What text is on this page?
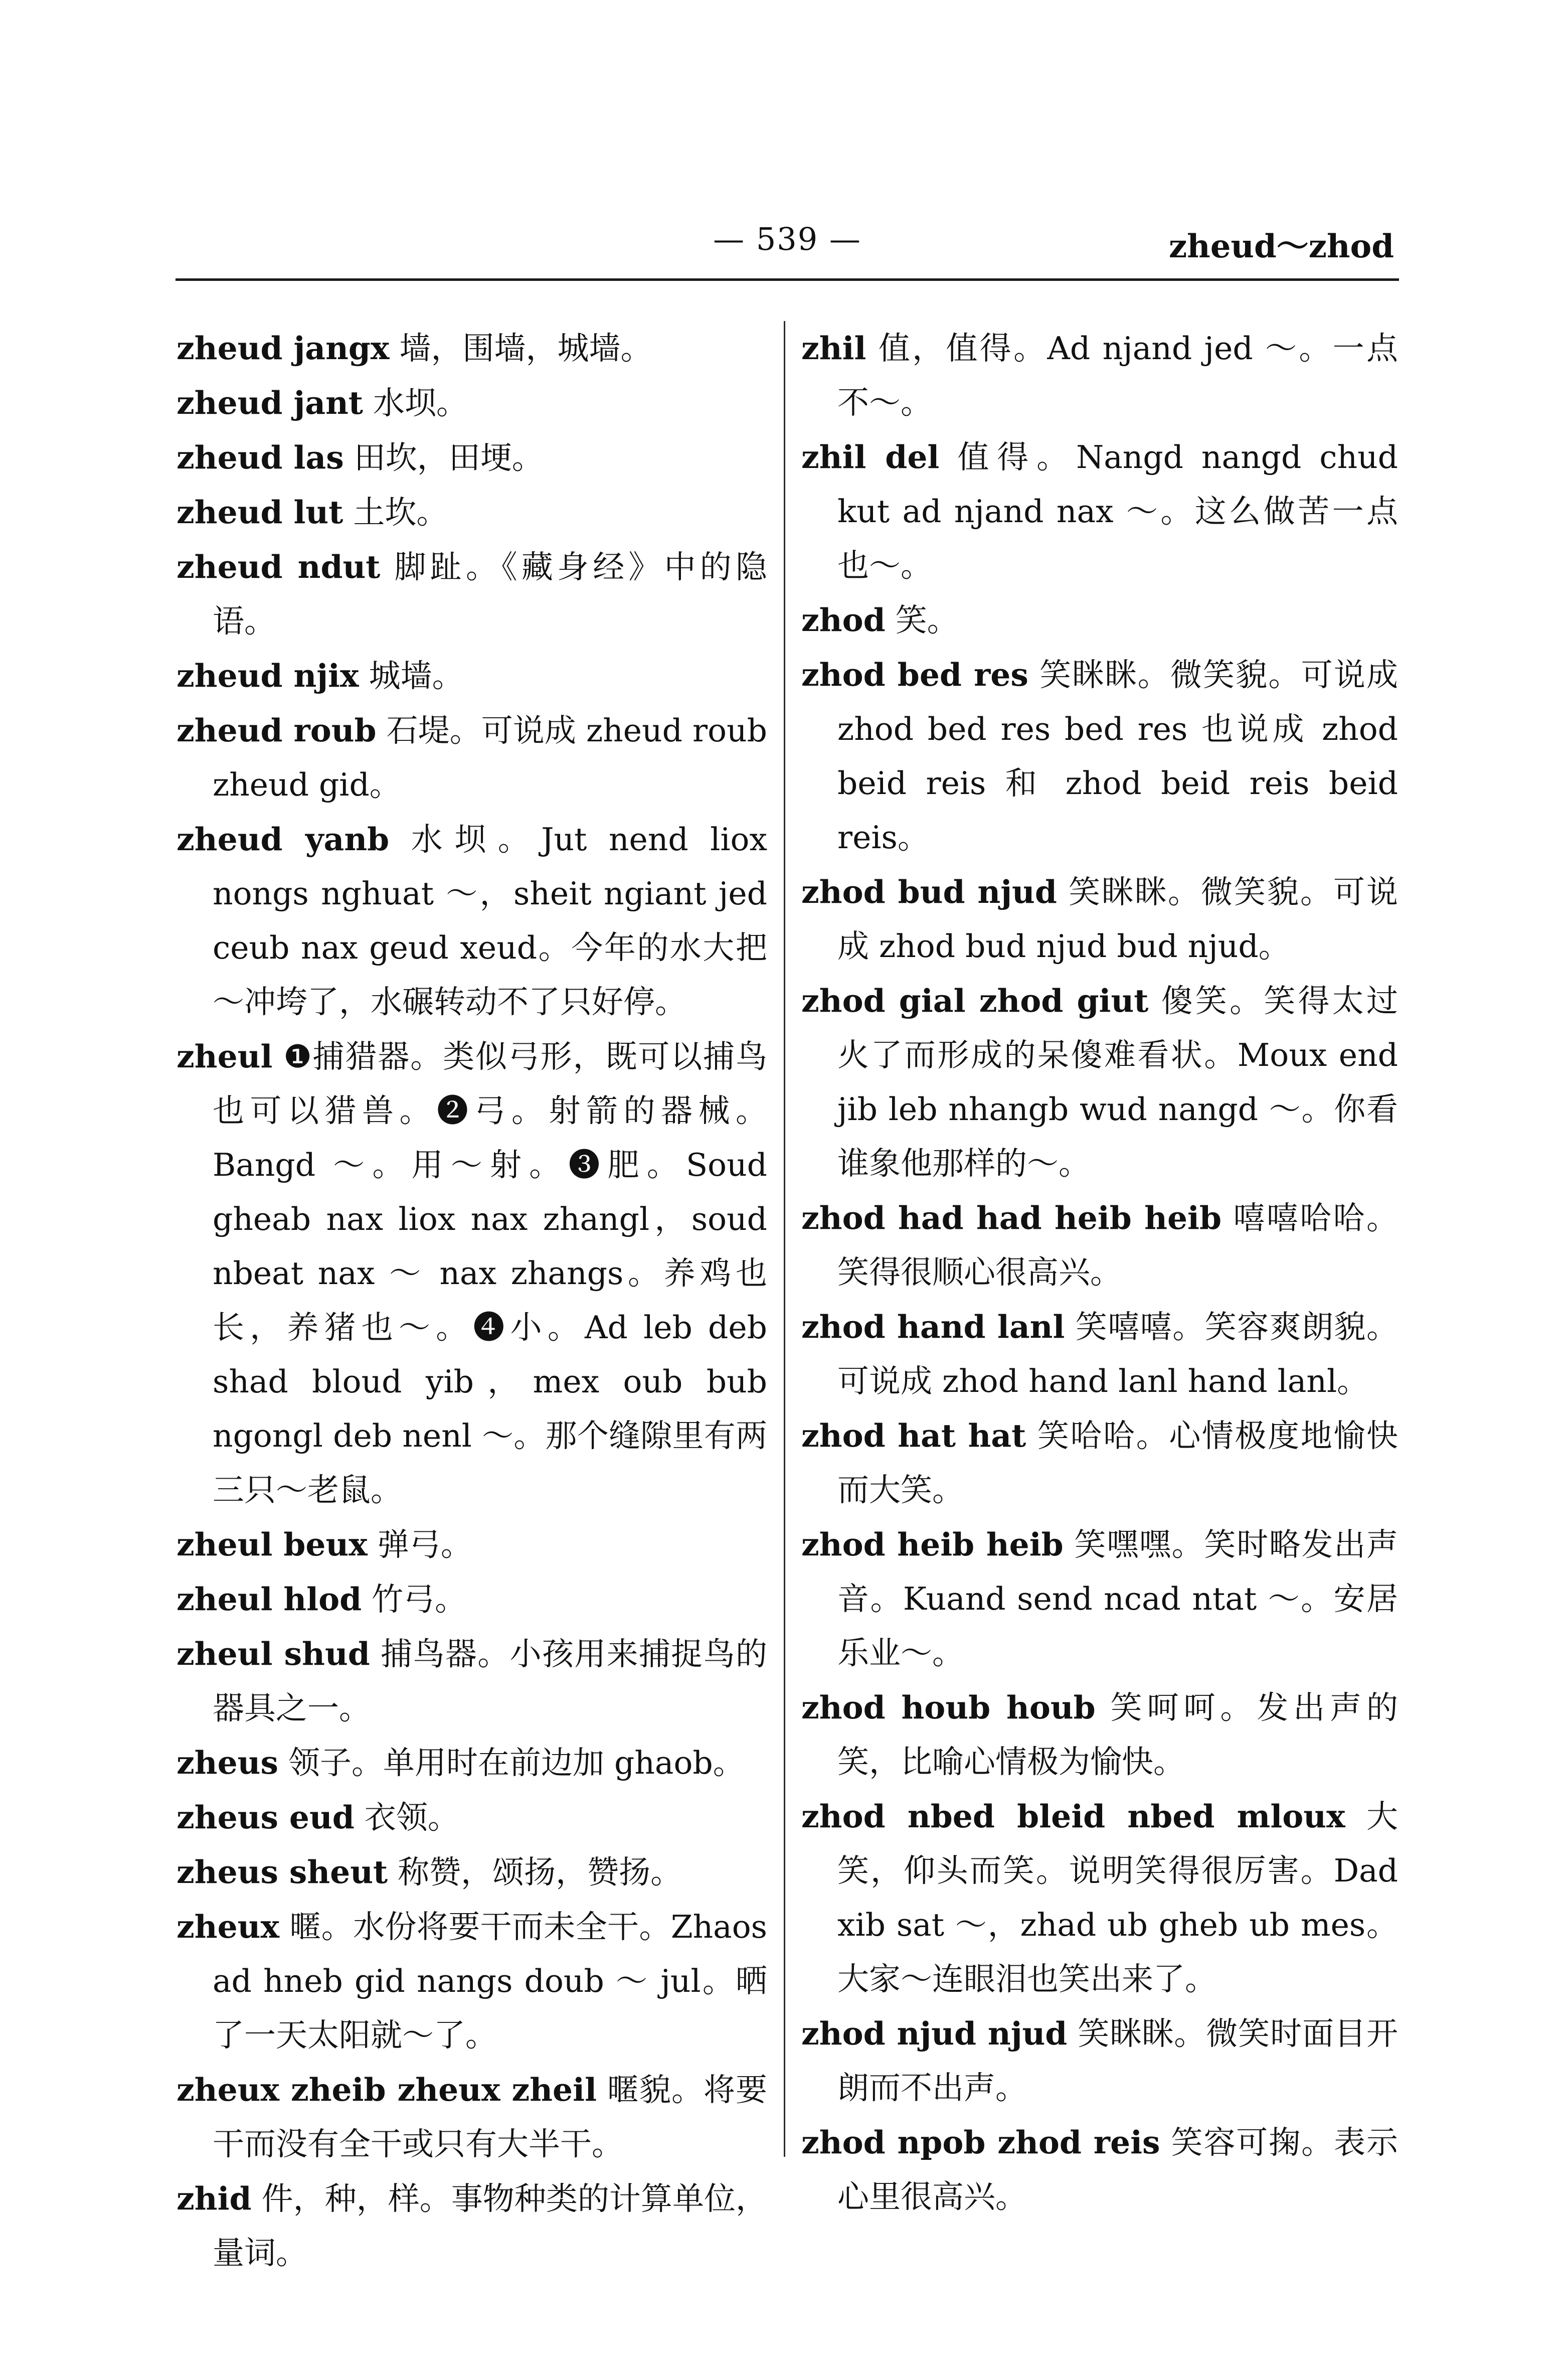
— 539 —	zheud～zhod

zheud jangx 墙，围墙，城墙。

zheud jant 水坝。

zheud las 田坎，田埂。

zheud lut 土坎。

zheud ndut 脚趾。《藏身经》中的隐语。

zheud njix 城墙。

zheud roub 石堤。可说成 zheud roub zheud gid。

zheud yanb 水坝。Jut nend liox nongs nghuat ～，sheit ngiant jed ceub nax geud xeud。今年的水大把～冲垮了，水碾转动不了只好停。

zheul ❶捕猎器。类似弓形，既可以捕鸟也可以猎兽。❷弓。射箭的器械。Bangd ～。用～射。❸肥。Soud gheab nax liox nax zhangl，soud nbeat nax ～ nax zhangs。养鸡也长，养猪也～。❹小。Ad leb deb shad bloud yib，mex oub bub ngongl deb nenl ～。那个缝隙里有两三只～老鼠。

zheul beux 弹弓。

zheul hlod 竹弓。

zheul shud 捕鸟器。小孩用来捕捉鸟的器具之一。

zheus 领子。单用时在前边加 ghaob。

zheus eud 衣领。

zheus sheut 称赞，颂扬，赞扬。

zheux 暱。水份将要干而未全干。Zhaos ad hneb gid nangs doub ～ jul。晒了一天太阳就～了。

zheux zheib zheux zheil 暱貌。将要干而没有全干或只有大半干。

zhid 件，种，样。事物种类的计算单位，量词。

zhil 值，值得。Ad njand jed ～。一点不～。

zhil del 值得。Nangd nangd chud kut ad njand nax ～。这么做苦一点也～。

zhod 笑。

zhod bed res 笑眯眯。微笑貌。可说成 zhod bed res bed res 也说成 zhod beid reis 和 zhod beid reis beid reis。

zhod bud njud 笑眯眯。微笑貌。可说成 zhod bud njud bud njud。

zhod gial zhod giut 傻笑。笑得太过火了而形成的呆傻难看状。Moux end jib leb nhangb wud nangd ～。你看谁象他那样的～。

zhod had had heib heib 嘻嘻哈哈。笑得很顺心很高兴。

zhod hand lanl 笑嘻嘻。笑容爽朗貌。可说成 zhod hand lanl hand lanl。

zhod hat hat 笑哈哈。心情极度地愉快而大笑。

zhod heib heib 笑嘿嘿。笑时略发出声音。Kuand send ncad ntat ～。安居乐业～。

zhod houb houb 笑呵呵。发出声的笑，比喻心情极为愉快。

zhod nbed bleid nbed mloux 大笑，仰头而笑。说明笑得很厉害。Dad xib sat ～，zhad ub gheb ub mes。大家～连眼泪也笑出来了。

zhod njud njud 笑眯眯。微笑时面目开朗而不出声。

zhod npob zhod reis 笑容可掬。表示心里很高兴。
